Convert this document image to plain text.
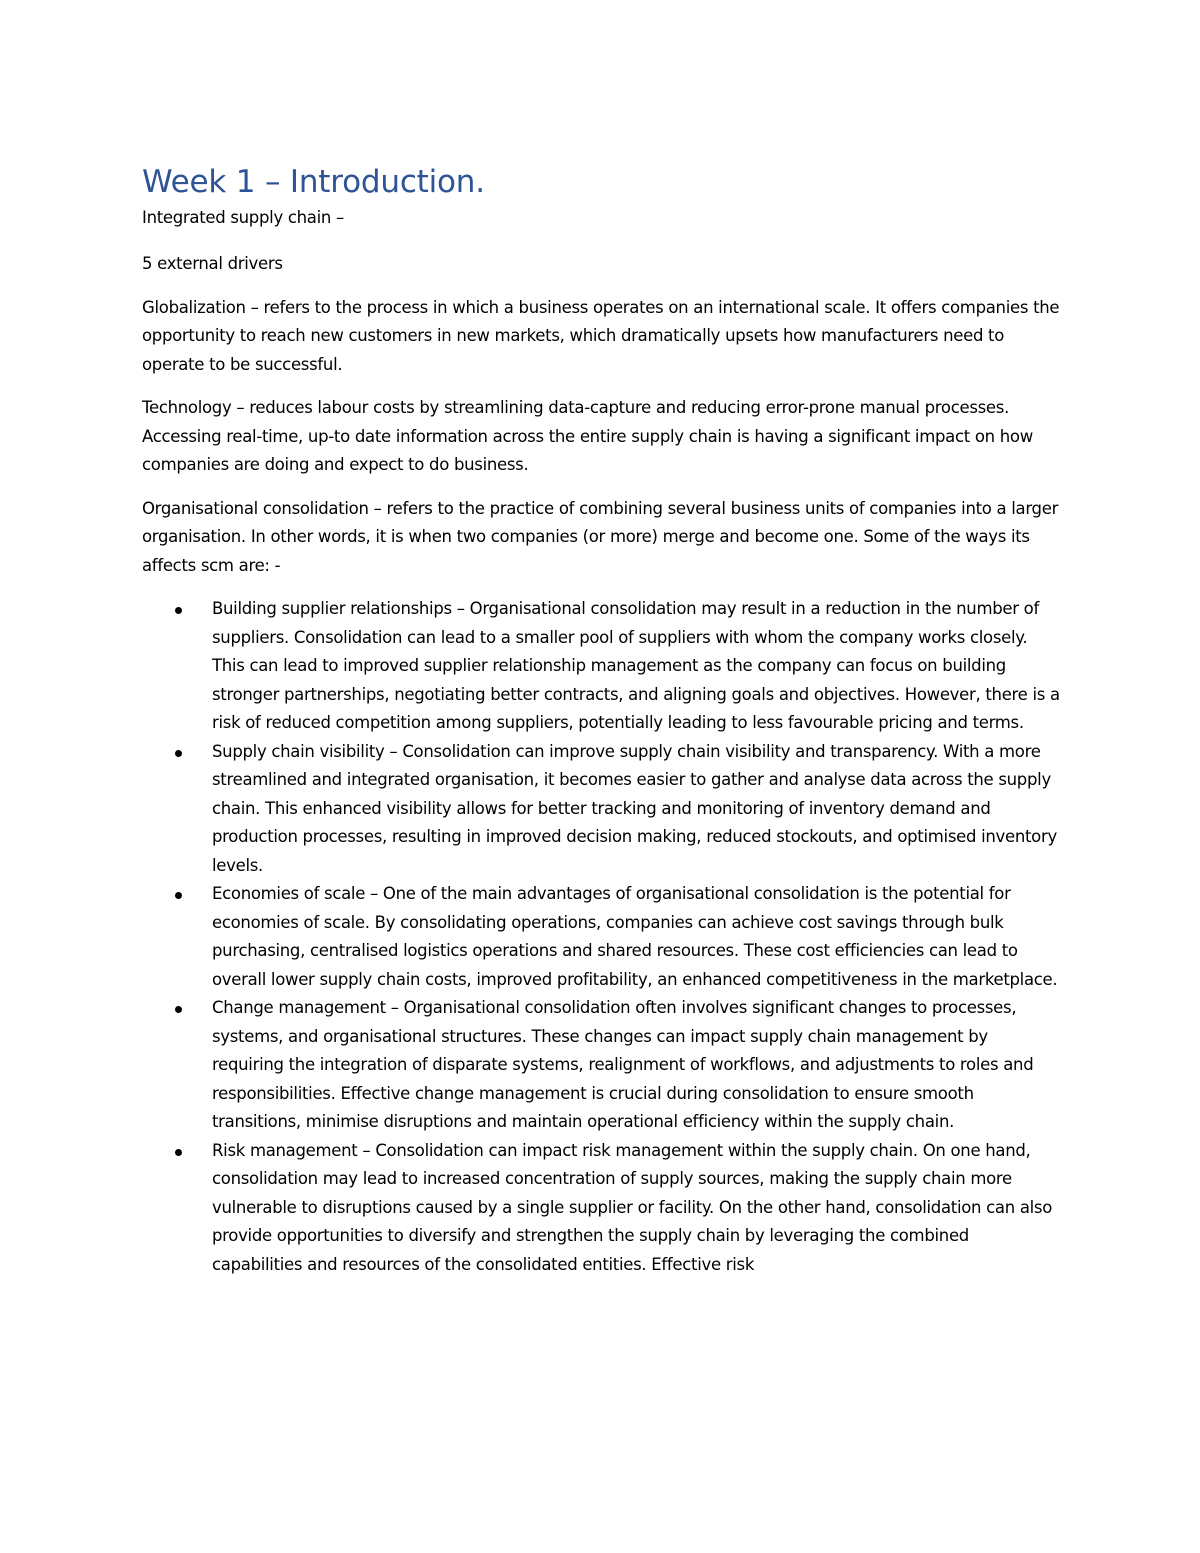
Week 1 – Introduction.

Integrated supply chain –

5 external drivers

Globalization – refers to the process in which a business operates on an international scale. It offers companies the opportunity to reach new customers in new markets, which dramatically upsets how manufacturers need to operate to be successful.

Technology – reduces labour costs by streamlining data-capture and reducing error-prone manual processes. Accessing real-time, up-to date information across the entire supply chain is having a significant impact on how companies are doing and expect to do business.

Organisational consolidation – refers to the practice of combining several business units of companies into a larger organisation. In other words, it is when two companies (or more) merge and become one. Some of the ways its affects scm are: -

Building supplier relationships – Organisational consolidation may result in a reduction in the number of suppliers. Consolidation can lead to a smaller pool of suppliers with whom the company works closely. This can lead to improved supplier relationship management as the company can focus on building stronger partnerships, negotiating better contracts, and aligning goals and objectives. However, there is a risk of reduced competition among suppliers, potentially leading to less favourable pricing and terms.
Supply chain visibility – Consolidation can improve supply chain visibility and transparency. With a more streamlined and integrated organisation, it becomes easier to gather and analyse data across the supply chain. This enhanced visibility allows for better tracking and monitoring of inventory demand and production processes, resulting in improved decision making, reduced stockouts, and optimised inventory levels.
Economies of scale – One of the main advantages of organisational consolidation is the potential for economies of scale. By consolidating operations, companies can achieve cost savings through bulk purchasing, centralised logistics operations and shared resources. These cost efficiencies can lead to overall lower supply chain costs, improved profitability, an enhanced competitiveness in the marketplace.
Change management – Organisational consolidation often involves significant changes to processes, systems, and organisational structures. These changes can impact supply chain management by requiring the integration of disparate systems, realignment of workflows, and adjustments to roles and responsibilities. Effective change management is crucial during consolidation to ensure smooth transitions, minimise disruptions and maintain operational efficiency within the supply chain.
Risk management – Consolidation can impact risk management within the supply chain. On one hand, consolidation may lead to increased concentration of supply sources, making the supply chain more vulnerable to disruptions caused by a single supplier or facility. On the other hand, consolidation can also provide opportunities to diversify and strengthen the supply chain by leveraging the combined capabilities and resources of the consolidated entities. Effective risk
